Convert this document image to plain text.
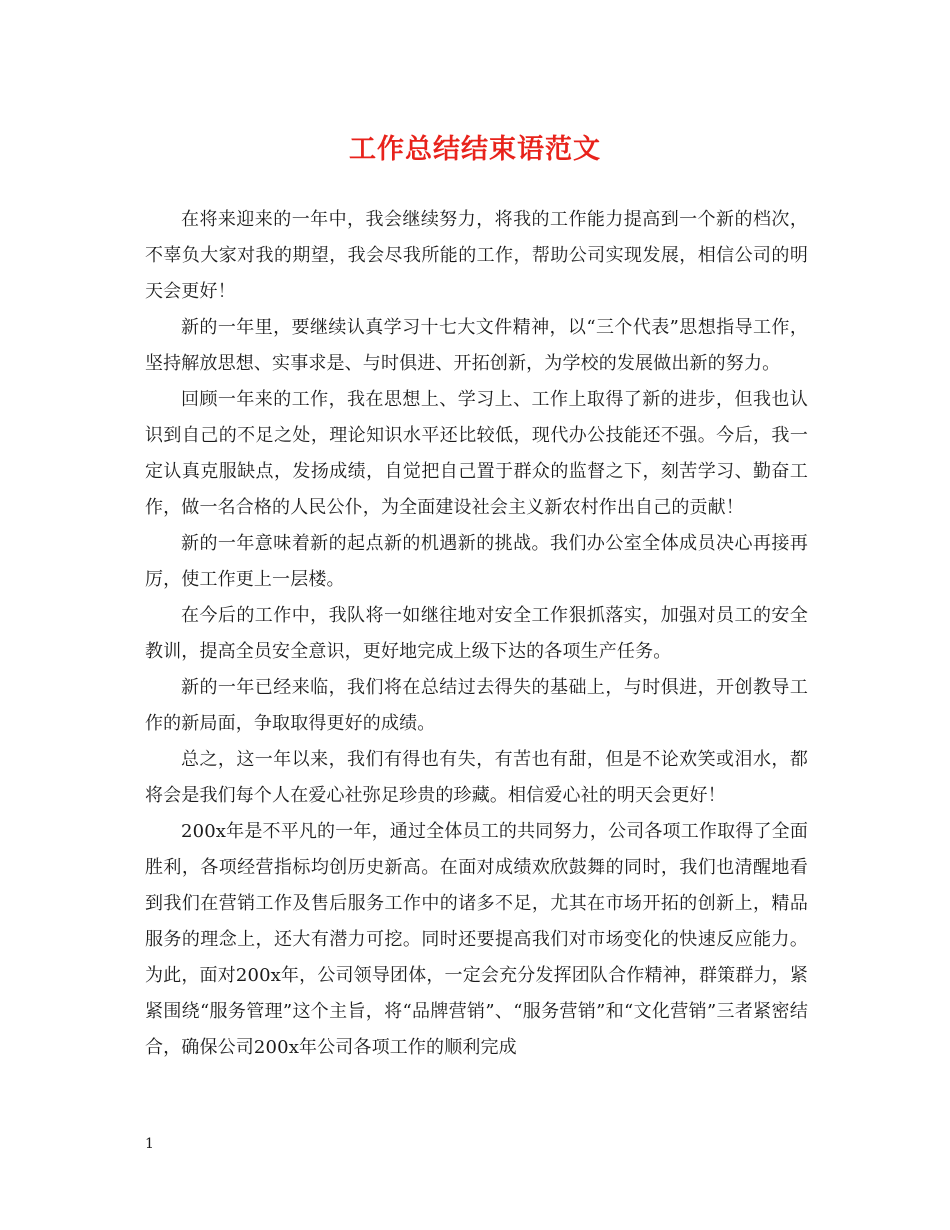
工作总结结束语范文

在将来迎来的一年中，我会继续努力，将我的工作能力提高到一个新的档次，不辜负大家对我的期望，我会尽我所能的工作，帮助公司实现发展，相信公司的明天会更好！

新的一年里，要继续认真学习十七大文件精神，以“三个代表”思想指导工作，坚持解放思想、实事求是、与时俱进、开拓创新，为学校的发展做出新的努力。

回顾一年来的工作，我在思想上、学习上、工作上取得了新的进步，但我也认识到自己的不足之处，理论知识水平还比较低，现代办公技能还不强。今后，我一定认真克服缺点，发扬成绩，自觉把自己置于群众的监督之下，刻苦学习、勤奋工作，做一名合格的人民公仆，为全面建设社会主义新农村作出自己的贡献！

新的一年意味着新的起点新的机遇新的挑战。我们办公室全体成员决心再接再厉，使工作更上一层楼。

在今后的工作中，我队将一如继往地对安全工作狠抓落实，加强对员工的安全教训，提高全员安全意识，更好地完成上级下达的各项生产任务。

新的一年已经来临，我们将在总结过去得失的基础上，与时俱进，开创教导工作的新局面，争取取得更好的成绩。

总之，这一年以来，我们有得也有失，有苦也有甜，但是不论欢笑或泪水，都将会是我们每个人在爱心社弥足珍贵的珍藏。相信爱心社的明天会更好！

200x年是不平凡的一年，通过全体员工的共同努力，公司各项工作取得了全面胜利，各项经营指标均创历史新高。在面对成绩欢欣鼓舞的同时，我们也清醒地看到我们在营销工作及售后服务工作中的诸多不足，尤其在市场开拓的创新上，精品服务的理念上，还大有潜力可挖。同时还要提高我们对市场变化的快速反应能力。为此，面对200x年，公司领导团体，一定会充分发挥团队合作精神，群策群力，紧紧围绕“服务管理”这个主旨，将“品牌营销”、“服务营销”和“文化营销”三者紧密结合，确保公司200x年公司各项工作的顺利完成

1
